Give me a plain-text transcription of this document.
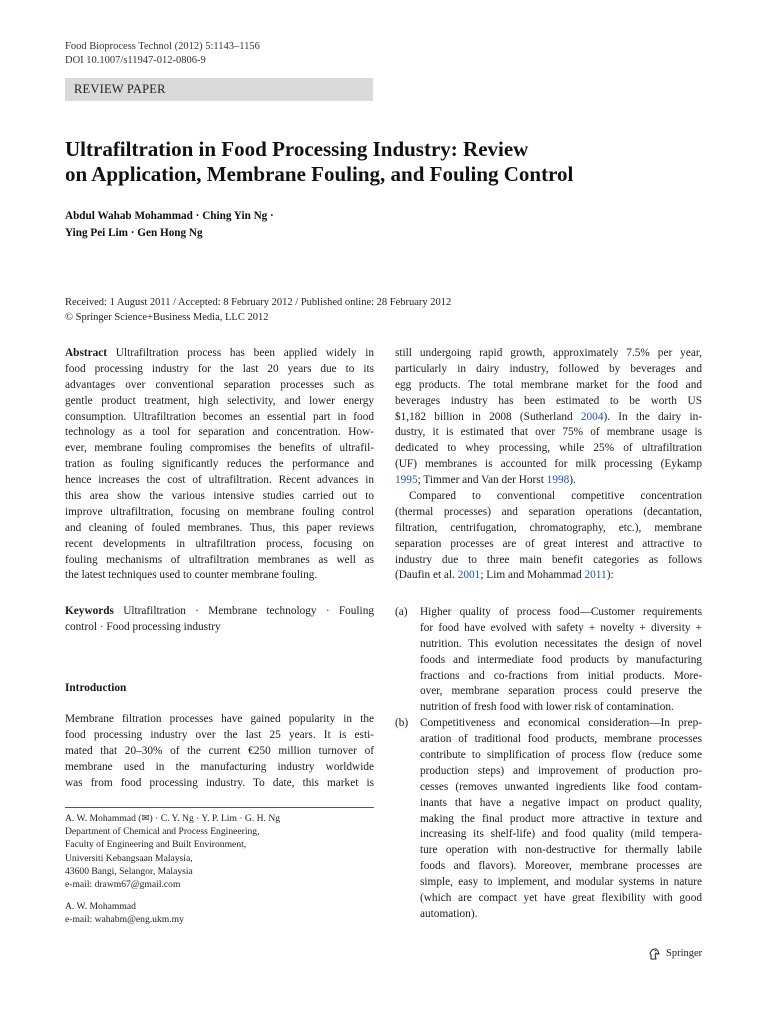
Food Bioprocess Technol (2012) 5:1143–1156
DOI 10.1007/s11947-012-0806-9
REVIEW PAPER
Ultrafiltration in Food Processing Industry: Review
on Application, Membrane Fouling, and Fouling Control
Abdul Wahab Mohammad · Ching Yin Ng ·
Ying Pei Lim · Gen Hong Ng
Received: 1 August 2011 / Accepted: 8 February 2012 / Published online: 28 February 2012
© Springer Science+Business Media, LLC 2012
Abstract Ultrafiltration process has been applied widely in
food processing industry for the last 20 years due to its
advantages over conventional separation processes such as
gentle product treatment, high selectivity, and lower energy
consumption. Ultrafiltration becomes an essential part in food
technology as a tool for separation and concentration. How-
ever, membrane fouling compromises the benefits of ultrafil-
tration as fouling significantly reduces the performance and
hence increases the cost of ultrafiltration. Recent advances in
this area show the various intensive studies carried out to
improve ultrafiltration, focusing on membrane fouling control
and cleaning of fouled membranes. Thus, this paper reviews
recent developments in ultrafiltration process, focusing on
fouling mechanisms of ultrafiltration membranes as well as
the latest techniques used to counter membrane fouling.
Keywords Ultrafiltration · Membrane technology · Fouling
control · Food processing industry
Introduction
Membrane filtration processes have gained popularity in the
food processing industry over the last 25 years. It is esti-
mated that 20–30% of the current €250 million turnover of
membrane used in the manufacturing industry worldwide
was from food processing industry. To date, this market is
A. W. Mohammad (✉) · C. Y. Ng · Y. P. Lim · G. H. Ng
Department of Chemical and Process Engineering,
Faculty of Engineering and Built Environment,
Universiti Kebangsaan Malaysia,
43600 Bangi, Selangor, Malaysia
e-mail: drawm67@gmail.com
A. W. Mohammad
e-mail: wahabm@eng.ukm.my
still undergoing rapid growth, approximately 7.5% per year,
particularly in dairy industry, followed by beverages and
egg products. The total membrane market for the food and
beverages industry has been estimated to be worth US
$1,182 billion in 2008 (Sutherland 2004). In the dairy in-
dustry, it is estimated that over 75% of membrane usage is
dedicated to whey processing, while 25% of ultrafiltration
(UF) membranes is accounted for milk processing (Eykamp
1995; Timmer and Van der Horst 1998).
Compared to conventional competitive concentration
(thermal processes) and separation operations (decantation,
filtration, centrifugation, chromatography, etc.), membrane
separation processes are of great interest and attractive to
industry due to three main benefit categories as follows
(Daufin et al. 2001; Lim and Mohammad 2011):
(a) Higher quality of process food—Customer requirements
for food have evolved with safety + novelty + diversity +
nutrition. This evolution necessitates the design of novel
foods and intermediate food products by manufacturing
fractions and co-fractions from initial products. More-
over, membrane separation process could preserve the
nutrition of fresh food with lower risk of contamination.
(b) Competitiveness and economical consideration—In prep-
aration of traditional food products, membrane processes
contribute to simplification of process flow (reduce some
production steps) and improvement of production pro-
cesses (removes unwanted ingredients like food contam-
inants that have a negative impact on product quality,
making the final product more attractive in texture and
increasing its shelf-life) and food quality (mild tempera-
ture operation with non-destructive for thermally labile
foods and flavors). Moreover, membrane processes are
simple, easy to implement, and modular systems in nature
(which are compact yet have great flexibility with good
automation).
Springer
